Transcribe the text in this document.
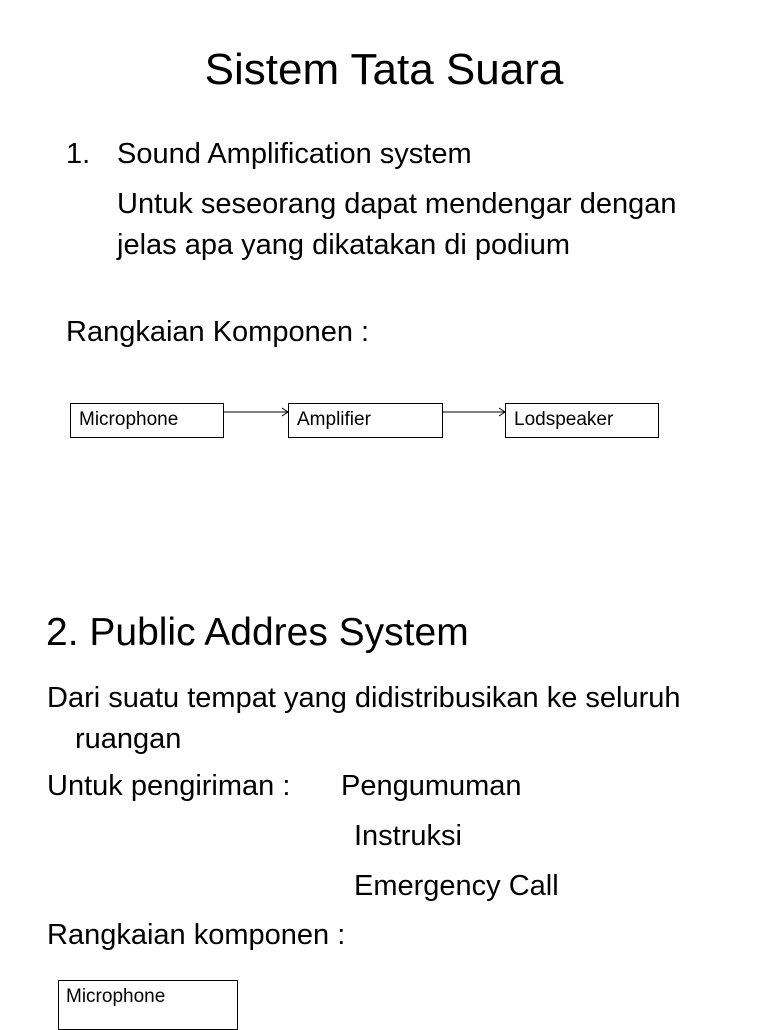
Sistem Tata Suara
1. Sound Amplification system
Untuk seseorang dapat mendengar dengan jelas apa yang dikatakan di podium
Rangkaian Komponen :
Microphone	Amplifier	Lodspeaker
2. Public Addres System
Dari suatu tempat yang didistribusikan ke seluruh ruangan
Untuk pengiriman : Pengumuman
Instruksi
Emergency Call
Rangkaian komponen :
Microphone
